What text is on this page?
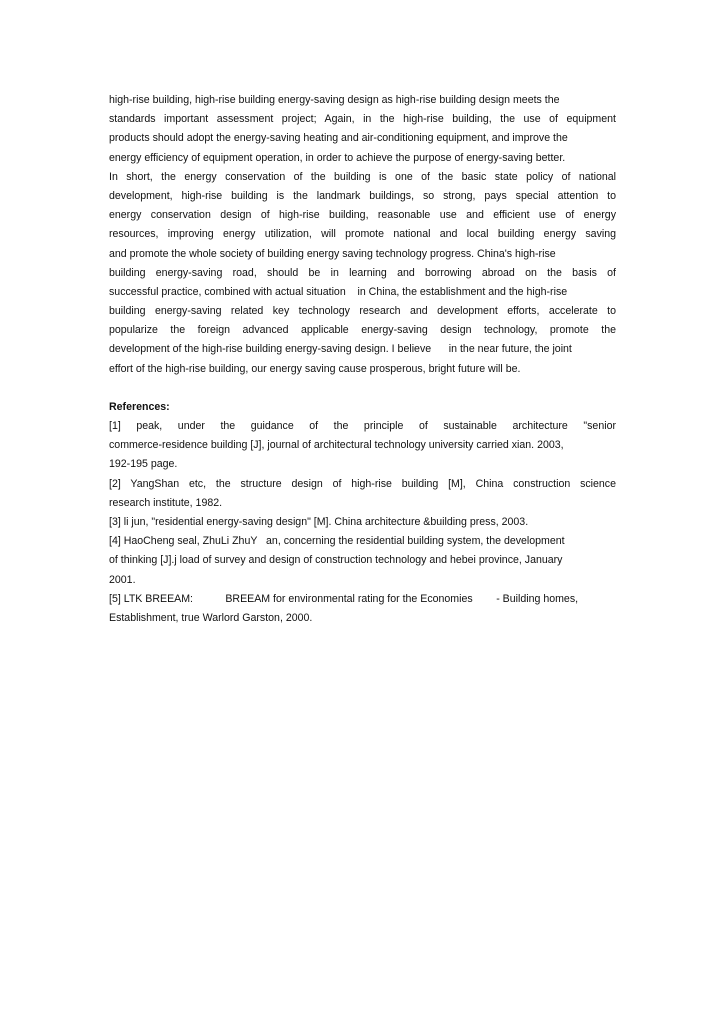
high-rise building, high-rise building energy-saving design as high-rise building design meets the
standards important assessment project; Again, in the high-rise building, the use of equipment
products should adopt the energy-saving heating and air-conditioning equipment, and improve the
energy efficiency of equipment operation, in order to achieve the purpose of energy-saving better.
In short, the energy conservation of the building is one of the basic state policy of national
development, high-rise building is the landmark buildings, so strong, pays special attention to
energy conservation design of high-rise building, reasonable use and efficient use of energy
resources, improving energy utilization, will promote national and local building energy saving
and promote the whole society of building energy saving technology progress. China's high-rise
building energy-saving road, should be in learning and borrowing abroad on the basis of
successful practice, combined with actual situation    in China, the establishment and the high-rise
building energy-saving related key technology research and development efforts, accelerate to
popularize the foreign advanced applicable energy-saving design technology, promote the
development of the high-rise building energy-saving design. I believe      in the near future, the joint
effort of the high-rise building, our energy saving cause prosperous, bright future will be.
References:
[1] peak, under the guidance of the principle of sustainable architecture "senior
commerce-residence building [J], journal of architectural technology university carried xian. 2003,
192-195 page.
[2] YangShan etc, the structure design of high-rise building [M], China construction science
research institute, 1982.
[3] li jun, "residential energy-saving design" [M]. China architecture &building press, 2003.
[4] HaoCheng seal, ZhuLi ZhuY   an, concerning the residential building system, the development
of thinking [J].j load of survey and design of construction technology and hebei province, January
2001.
[5] LTK BREEAM:           BREEAM for environmental rating for the Economies        - Building homes,
Establishment, true Warlord Garston, 2000.
